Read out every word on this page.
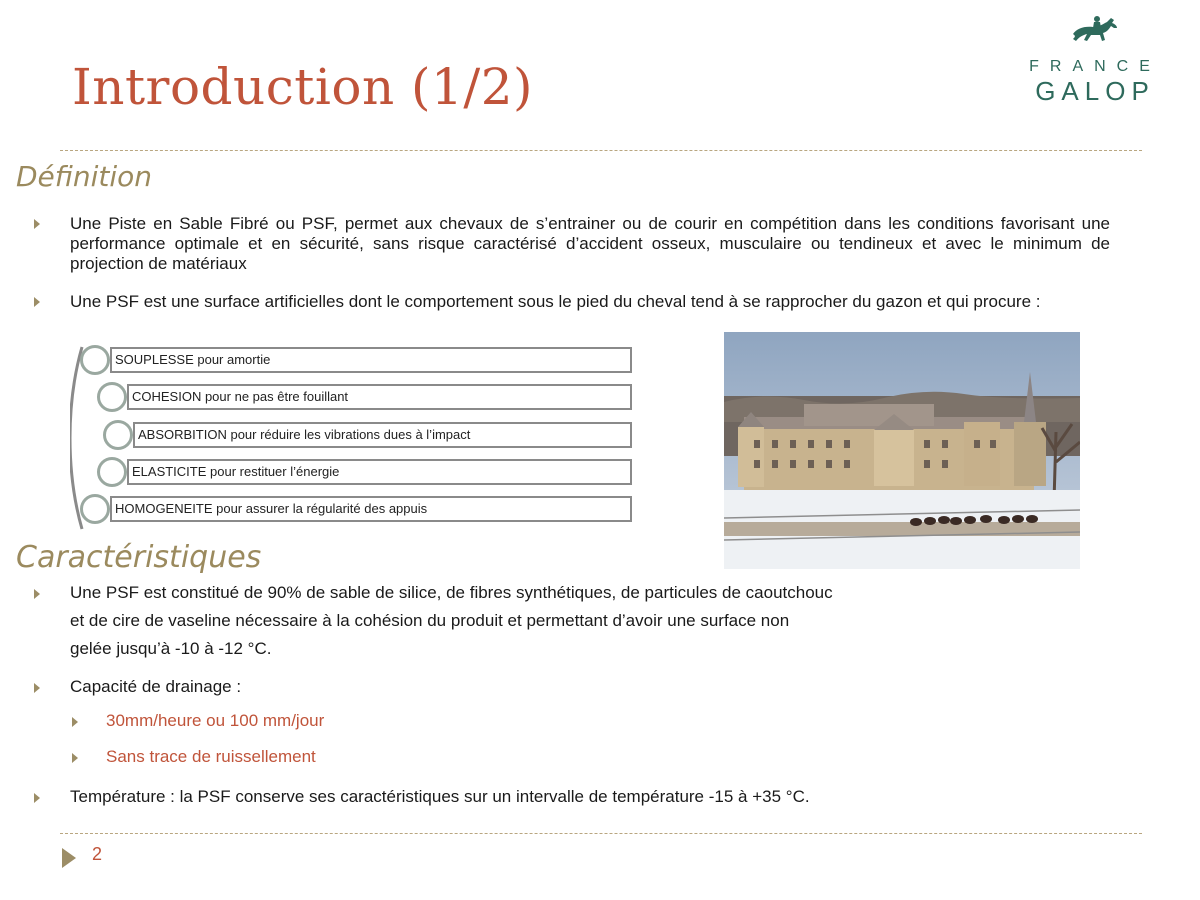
Introduction (1/2)	FRANCE
GALOP
Définition
Une Piste en Sable Fibré ou PSF, permet aux chevaux de s’entrainer ou de courir en compétition dans les conditions favorisant une performance optimale et en sécurité, sans risque caractérisé d’accident osseux, musculaire ou tendineux et avec le minimum de projection de matériaux
Une PSF est une surface artificielles dont le comportement sous le pied du cheval tend à se rapprocher du gazon et qui procure :
SOUPLESSE pour amortie
COHESION pour ne pas être fouillant
ABSORBITION pour réduire les vibrations dues à l’impact
ELASTICITE pour restituer l’énergie
HOMOGENEITE pour assurer la régularité des appuis
Caractéristiques
Une PSF est constitué de 90% de sable de silice, de fibres synthétiques, de particules de caoutchouc
et de cire de vaseline nécessaire à la cohésion du produit et permettant d’avoir une surface non
gelée jusqu’à -10 à -12 °C.
Capacité de drainage :
30mm/heure ou 100 mm/jour
Sans trace de ruissellement
Température : la PSF conserve ses caractéristiques sur un intervalle de température -15 à +35 °C.
2
